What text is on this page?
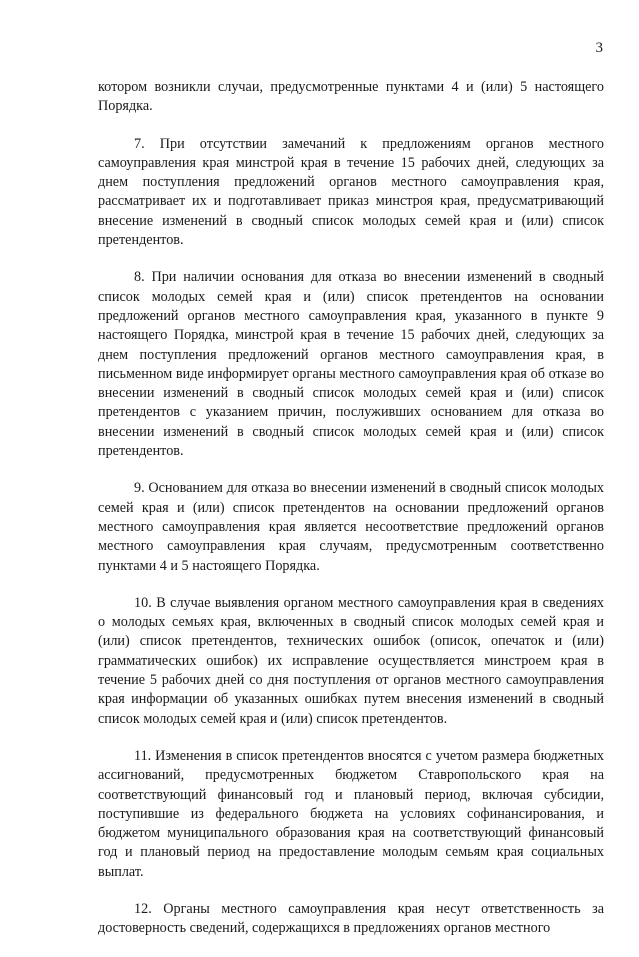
3

котором возникли случаи, предусмотренные пунктами 4 и (или) 5 настоящего Порядка.

7. При отсутствии замечаний к предложениям органов местного самоуправления края минстрой края в течение 15 рабочих дней, следующих за днем поступления предложений органов местного самоуправления края, рассматривает их и подготавливает приказ минстроя края, предусматривающий внесение изменений в сводный список молодых семей края и (или) список претендентов.

8. При наличии основания для отказа во внесении изменений в сводный список молодых семей края и (или) список претендентов на основании предложений органов местного самоуправления края, указанного в пункте 9 настоящего Порядка, минстрой края в течение 15 рабочих дней, следующих за днем поступления предложений органов местного самоуправления края, в письменном виде информирует органы местного самоуправления края об отказе во внесении изменений в сводный список молодых семей края и (или) список претендентов с указанием причин, послуживших основанием для отказа во внесении изменений в сводный список молодых семей края и (или) список претендентов.

9. Основанием для отказа во внесении изменений в сводный список молодых семей края и (или) список претендентов на основании предложений органов местного самоуправления края является несоответствие предложений органов местного самоуправления края случаям, предусмотренным соответственно пунктами 4 и 5 настоящего Порядка.

10. В случае выявления органом местного самоуправления края в сведениях о молодых семьях края, включенных в сводный список молодых семей края и (или) список претендентов, технических ошибок (описок, опечаток и (или) грамматических ошибок) их исправление осуществляется минстроем края в течение 5 рабочих дней со дня поступления от органов местного самоуправления края информации об указанных ошибках путем внесения изменений в сводный список молодых семей края и (или) список претендентов.

11. Изменения в список претендентов вносятся с учетом размера бюджетных ассигнований, предусмотренных бюджетом Ставропольского края на соответствующий финансовый год и плановый период, включая субсидии, поступившие из федерального бюджета на условиях софинансирования, и бюджетом муниципального образования края на соответствующий финансовый год и плановый период на предоставление молодым семьям края социальных выплат.

12. Органы местного самоуправления края несут ответственность за достоверность сведений, содержащихся в предложениях органов местного
